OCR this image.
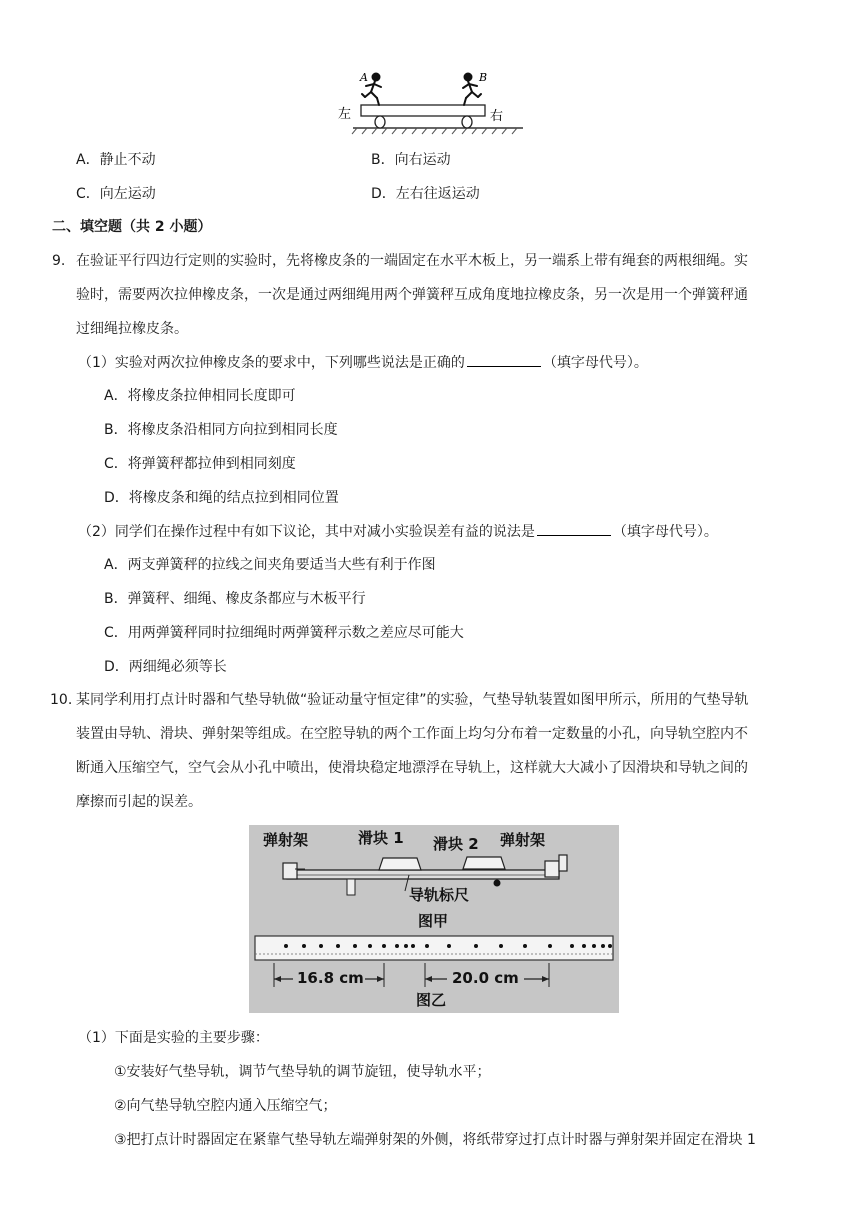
A	B
左	右
A．静止不动	B．向右运动
C．向左运动	D．左右往返运动
二、填空题（共 2 小题）
9. 在验证平行四边行定则的实验时，先将橡皮条的一端固定在水平木板上，另一端系上带有绳套的两根细绳。实
验时，需要两次拉伸橡皮条，一次是通过两细绳用两个弹簧秤互成角度地拉橡皮条，另一次是用一个弹簧秤通
过细绳拉橡皮条。
（1）实验对两次拉伸橡皮条的要求中，下列哪些说法是正确的	（填字母代号）。
A．将橡皮条拉伸相同长度即可
B．将橡皮条沿相同方向拉到相同长度
C．将弹簧秤都拉伸到相同刻度
D．将橡皮条和绳的结点拉到相同位置
（2）同学们在操作过程中有如下议论，其中对减小实验误差有益的说法是	（填字母代号）。
A．两支弹簧秤的拉线之间夹角要适当大些有利于作图
B．弹簧秤、细绳、橡皮条都应与木板平行
C．用两弹簧秤同时拉细绳时两弹簧秤示数之差应尽可能大
D．两细绳必须等长
10. 某同学利用打点计时器和气垫导轨做“验证动量守恒定律”的实验，气垫导轨装置如图甲所示，所用的气垫导轨
装置由导轨、滑块、弹射架等组成。在空腔导轨的两个工作面上均匀分布着一定数量的小孔，向导轨空腔内不
断通入压缩空气，空气会从小孔中喷出，使滑块稳定地漂浮在导轨上，这样就大大减小了因滑块和导轨之间的
摩擦而引起的误差。
弹射架	滑块 1 滑块 2 弹射架
导轨标尺
图甲
16.8 cm	20.0 cm
图乙
（1）下面是实验的主要步骤：
①安装好气垫导轨，调节气垫导轨的调节旋钮，使导轨水平；
②向气垫导轨空腔内通入压缩空气；
③把打点计时器固定在紧靠气垫导轨左端弹射架的外侧，将纸带穿过打点计时器与弹射架并固定在滑块 1
